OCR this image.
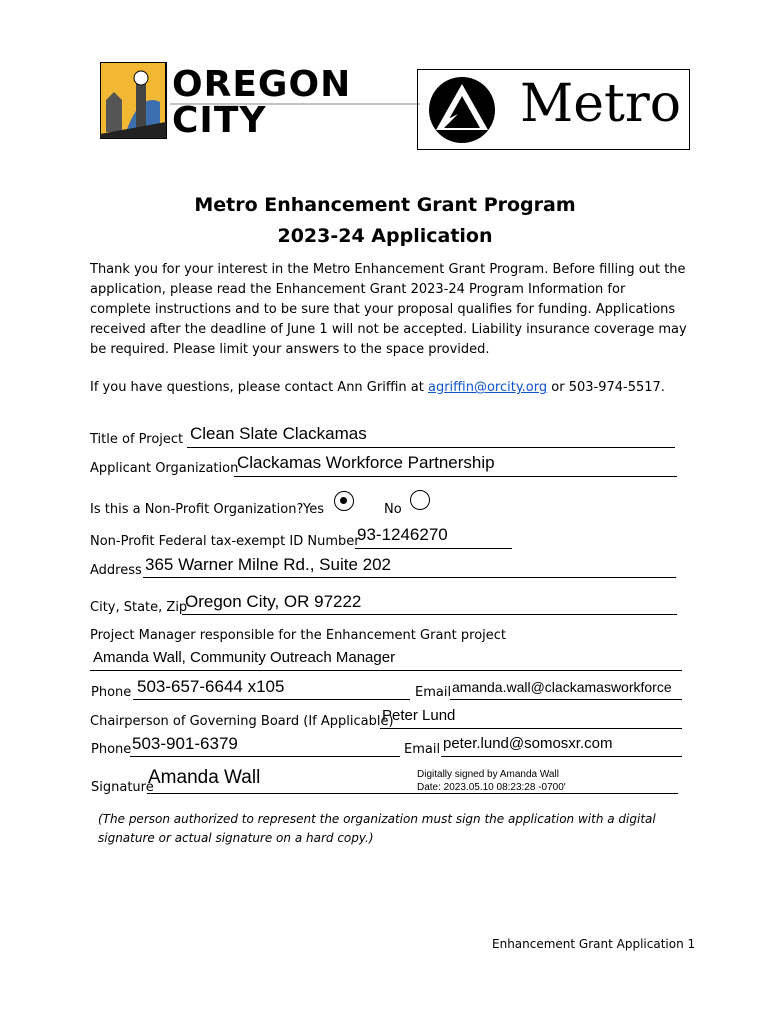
OREGON
CITY	Metro
Metro Enhancement Grant Program
2023-24 Application
Thank you for your interest in the Metro Enhancement Grant Program. Before filling out the application, please read the Enhancement Grant 2023-24 Program Information for complete instructions and to be sure that your proposal qualifies for funding. Applications received after the deadline of June 1 will not be accepted. Liability insurance coverage may be required. Please limit your answers to the space provided.
If you have questions, please contact Ann Griffin at agriffin@orcity.org or 503-974-5517.
Title of Project Clean Slate Clackamas
Applicant Organization
Clackamas Workforce Partnership
Is this a Non-Profit Organization? Yes	No
Non-Profit Federal tax-exempt ID Number
93-1246270
Address 365 Warner Milne Rd., Suite 202
City, State, Zip
Oregon City, OR 97222
Project Manager responsible for the Enhancement Grant project
Amanda Wall, Community Outreach Manager
Phone 503-657-6644 x105	Email amanda.wall@clackamasworkforce
Chairperson of Governing Board (If Applicable)
Peter Lund
Phone 503-901-6379	Email peter.lund@somosxr.com
Signature
Amanda Wall	Digitally signed by Amanda Wall
Date: 2023.05.10 08:23:28 -0700'
(The person authorized to represent the organization must sign the application with a digital signature or actual signature on a hard copy.)
Enhancement Grant Application 1
